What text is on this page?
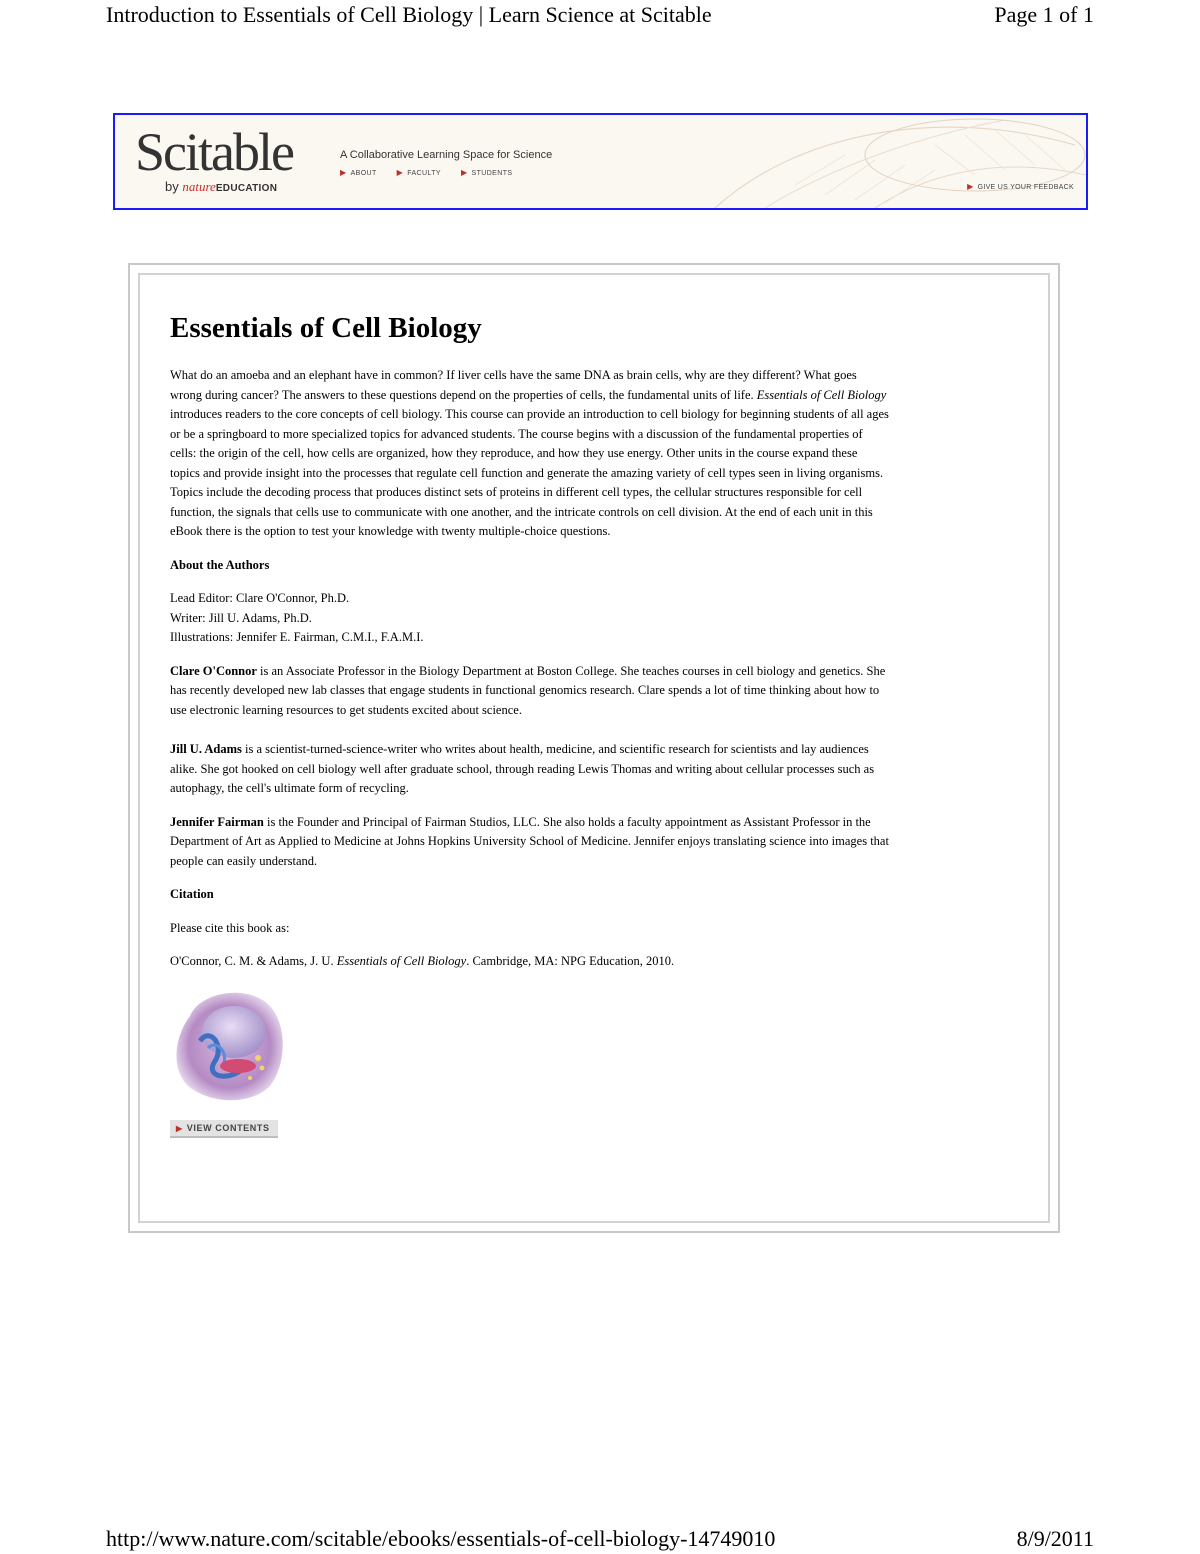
Introduction to Essentials of Cell Biology | Learn Science at Scitable	Page 1 of 1
Scitable
by natureEDUCATION
A Collaborative Learning Space for Science
▶ ABOUT ▶ FACULTY ▶ STUDENTS
▶ GIVE US YOUR FEEDBACK
Essentials of Cell Biology

What do an amoeba and an elephant have in common? If liver cells have the same DNA as brain cells, why are they different? What goes wrong during cancer? The answers to these questions depend on the properties of cells, the fundamental units of life. Essentials of Cell Biology introduces readers to the core concepts of cell biology. This course can provide an introduction to cell biology for beginning students of all ages or be a springboard to more specialized topics for advanced students. The course begins with a discussion of the fundamental properties of cells: the origin of the cell, how cells are organized, how they reproduce, and how they use energy. Other units in the course expand these topics and provide insight into the processes that regulate cell function and generate the amazing variety of cell types seen in living organisms. Topics include the decoding process that produces distinct sets of proteins in different cell types, the cellular structures responsible for cell function, the signals that cells use to communicate with one another, and the intricate controls on cell division. At the end of each unit in this eBook there is the option to test your knowledge with twenty multiple-choice questions.

About the Authors

Lead Editor: Clare O'Connor, Ph.D.

Writer: Jill U. Adams, Ph.D.

Illustrations: Jennifer E. Fairman, C.M.I., F.A.M.I.

Clare O'Connor is an Associate Professor in the Biology Department at Boston College. She teaches courses in cell biology and genetics. She has recently developed new lab classes that engage students in functional genomics research. Clare spends a lot of time thinking about how to use electronic learning resources to get students excited about science.

Jill U. Adams is a scientist-turned-science-writer who writes about health, medicine, and scientific research for scientists and lay audiences alike. She got hooked on cell biology well after graduate school, through reading Lewis Thomas and writing about cellular processes such as autophagy, the cell's ultimate form of recycling.

Jennifer Fairman is the Founder and Principal of Fairman Studios, LLC. She also holds a faculty appointment as Assistant Professor in the Department of Art as Applied to Medicine at Johns Hopkins University School of Medicine. Jennifer enjoys translating science into images that people can easily understand.

Citation

Please cite this book as:

O'Connor, C. M. & Adams, J. U. Essentials of Cell Biology. Cambridge, MA: NPG Education, 2010.

▶ VIEW CONTENTS
http://www.nature.com/scitable/ebooks/essentials-of-cell-biology-14749010	8/9/2011
